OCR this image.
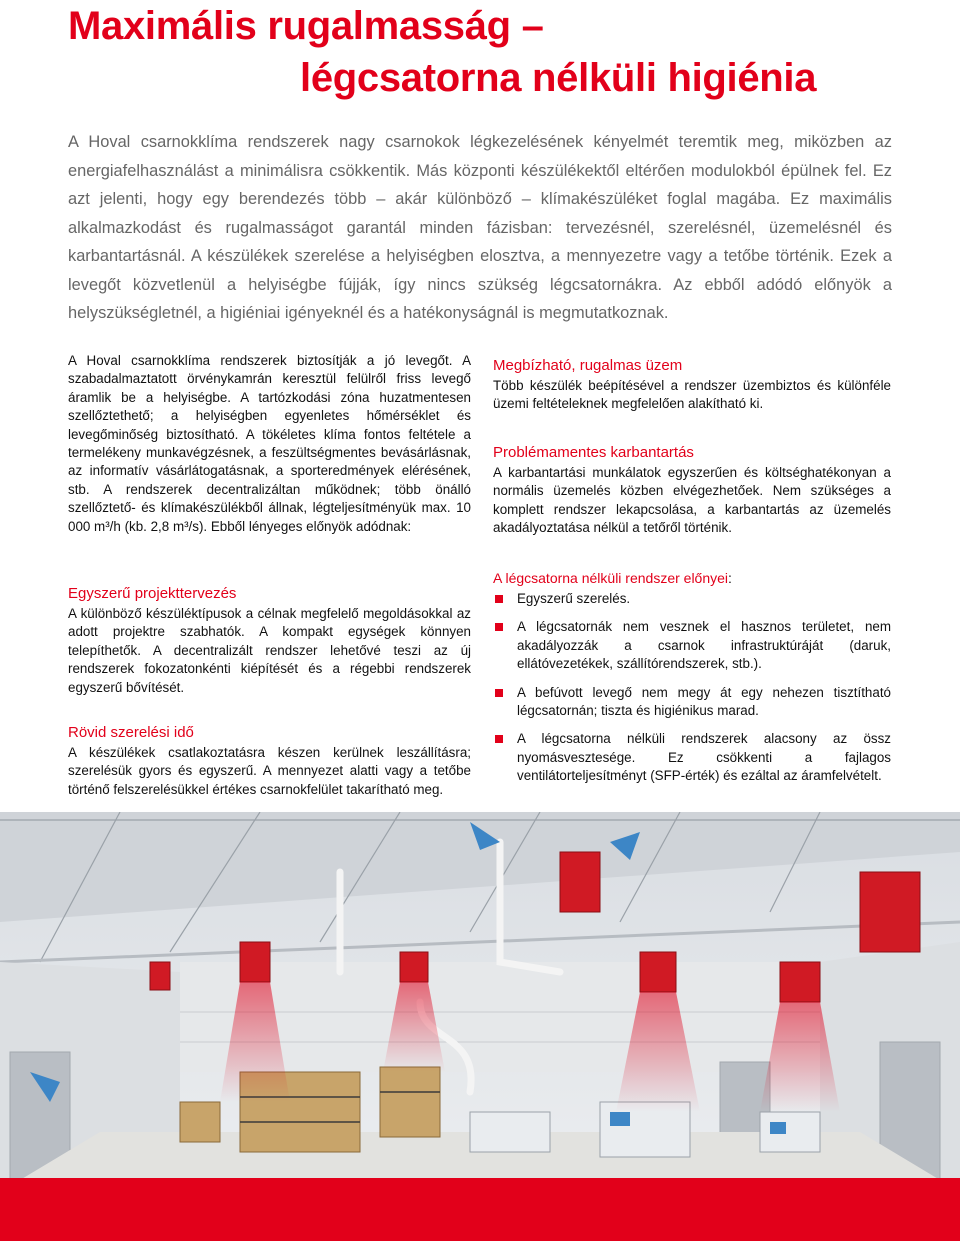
Maximális rugalmasság –
légcsatorna nélküli higiénia

A Hoval csarnokklíma rendszerek nagy csarnokok légkezelésének kényelmét teremtik meg, miközben az energiafelhasználást a minimálisra csökkentik. Más központi készülékektől eltérően modulokból épülnek fel. Ez azt jelenti, hogy egy berendezés több – akár különböző – klímakészüléket foglal magába. Ez maximális alkalmazkodást és rugalmasságot garantál minden fázisban: tervezésnél, szerelésnél, üzemelésnél és karbantartásnál. A készülékek szerelése a helyiségben elosztva, a mennyezetre vagy a tetőbe történik. Ezek a levegőt közvetlenül a helyiségbe fújják, így nincs szükség légcsatornákra. Az ebből adódó előnyök a helyszükségletnél, a higiéniai igényeknél és a hatékonyságnál is megmutatkoznak.

A Hoval csarnokklíma rendszerek biztosítják a jó levegőt. A szabadalmaztatott örvénykamrán keresztül felülről friss levegő áramlik be a helyiségbe. A tartózkodási zóna huzatmentesen szellőztethető; a helyiségben egyenletes hőmérséklet és levegőminőség biztosítható. A tökéletes klíma fontos feltétele a termelékeny munkavégzésnek, a feszültségmentes bevásárlásnak, az informatív vásárlátogatásnak, a sporteredmények elérésének, stb. A rendszerek decentralizáltan működnek; több önálló szellőztető- és klímakészülékből állnak, légteljesítményük max. 10 000 m³/h (kb. 2,8 m³/s). Ebből lényeges előnyök adódnak:

Egyszerű projekttervezés

A különböző készüléktípusok a célnak megfelelő megoldásokkal az adott projektre szabhatók. A kompakt egységek könnyen telepíthetők. A decentralizált rendszer lehetővé teszi az új rendszerek fokozatonkénti kiépítését és a régebbi rendszerek egyszerű bővítését.

Rövid szerelési idő

A készülékek csatlakoztatásra készen kerülnek leszállításra; szerelésük gyors és egyszerű. A mennyezet alatti vagy a tetőbe történő felszerelésükkel értékes csarnokfelület takarítható meg.

Megbízható, rugalmas üzem

Több készülék beépítésével a rendszer üzembiztos és különféle üzemi feltételeknek megfelelően alakítható ki.

Problémamentes karbantartás

A karbantartási munkálatok egyszerűen és költséghatékonyan a normális üzemelés közben elvégezhetőek. Nem szükséges a komplett rendszer lekapcsolása, a karbantartás az üzemelés akadályoztatása nélkül a tetőről történik.

A légcsatorna nélküli rendszer előnyei:
Egyszerű szerelés.
A légcsatornák nem vesznek el hasznos területet, nem akadályozzák a csarnok infrastruktúráját (daruk, ellátóvezetékek, szállítórendszerek, stb.).
A befúvott levegő nem megy át egy nehezen tisztítható légcsatornán; tiszta és higiénikus marad.
A légcsatorna nélküli rendszerek alacsony az össz nyomásvesztesége. Ez csökkenti a fajlagos ventilátorteljesítményt (SFP-érték) és ezáltal az áramfelvételt.
